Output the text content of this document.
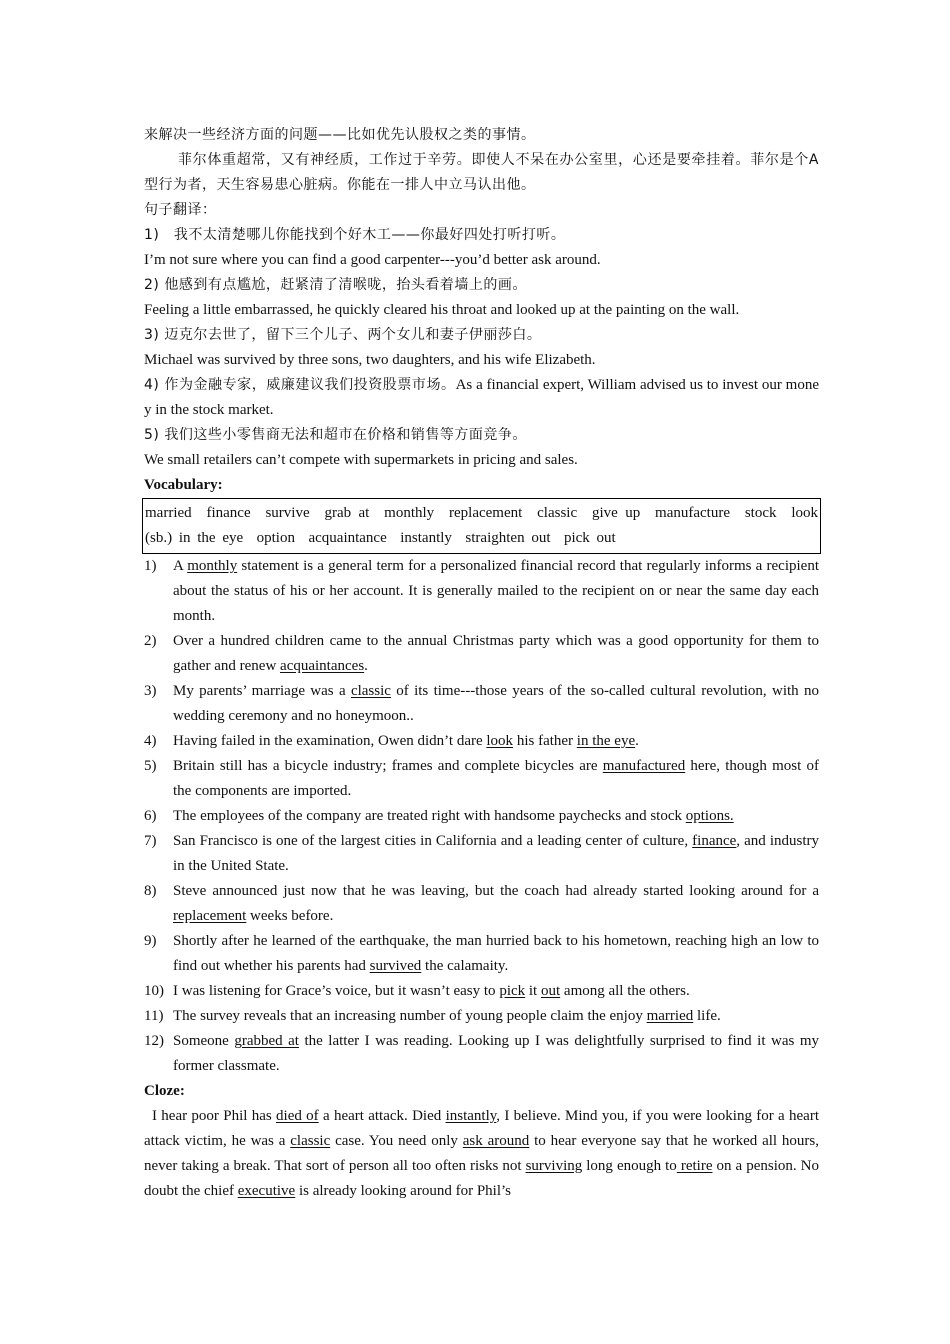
来解决一些经济方面的问题——比如优先认股权之类的事情。

菲尔体重超常，又有神经质，工作过于辛劳。即使人不呆在办公室里，心还是要牵挂着。菲尔是个A型行为者，天生容易患心脏病。你能在一排人中立马认出他。

句子翻译：

1)　我不太清楚哪儿你能找到个好木工——你最好四处打听打听。

I’m not sure where you can find a good carpenter---you’d better ask around.

2) 他感到有点尴尬，赶紧清了清喉咙，抬头看着墙上的画。

Feeling a little embarrassed, he quickly cleared his throat and looked up at the painting on the wall.

3) 迈克尔去世了，留下三个儿子、两个女儿和妻子伊丽莎白。

Michael was survived by three sons, two daughters, and his wife Elizabeth.

4) 作为金融专家，威廉建议我们投资股票市场。As a financial expert, William advised us to invest our money in the stock market.

5) 我们这些小零售商无法和超市在价格和销售等方面竞争。

We small retailers can’t compete with supermarkets in pricing and sales.

Vocabulary:

married  finance  survive  grab at  monthly  replacement  classic  give up  manufacture  stock  look (sb.) in the eye  option  acquaintance  instantly  straighten out  pick out
1)	A monthly statement is a general term for a personalized financial record that regularly informs a recipient about the status of his or her account. It is generally mailed to the recipient on or near the same day each month.
2)	Over a hundred children came to the annual Christmas party which was a good opportunity for them to gather and renew acquaintances.
3)	My parents’ marriage was a classic of its time---those years of the so-called cultural revolution, with no wedding ceremony and no honeymoon..
4)	Having failed in the examination, Owen didn’t dare look his father in the eye.
5)	Britain still has a bicycle industry; frames and complete bicycles are manufactured here, though most of the components are imported.
6)	The employees of the company are treated right with handsome paychecks and stock options.
7)	San Francisco is one of the largest cities in California and a leading center of culture, finance, and industry in the United State.
8)	Steve announced just now that he was leaving, but the coach had already started looking around for a replacement weeks before.
9)	Shortly after he learned of the earthquake, the man hurried back to his hometown, reaching high an low to find out whether his parents had survived the calamaity.
10) I was listening for Grace’s voice, but it wasn’t easy to pick it out among all the others.
11) The survey reveals that an increasing number of young people claim the enjoy married life.
12) Someone grabbed at the latter I was reading. Looking up I was delightfully surprised to find it was my former classmate.

Cloze:

I hear poor Phil has died of a heart attack. Died instantly, I believe. Mind you, if you were looking for a heart attack victim, he was a classic case. You need only ask around to hear everyone say that he worked all hours, never taking a break. That sort of person all too often risks not surviving long enough to retire on a pension. No doubt the chief executive is already looking around for Phil’s
